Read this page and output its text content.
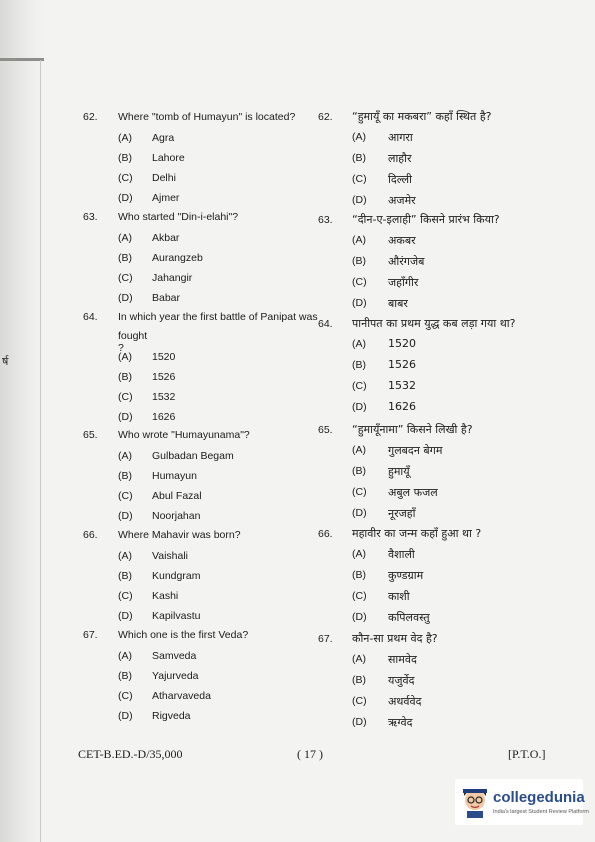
र्ष
62. Where "tomb of Humayun" is located?
(A) Agra
(B) Lahore
(C) Delhi
(D) Ajmer
63. Who started "Din-i-elahi"?
(A) Akbar
(B) Aurangzeb
(C) Jahangir
(D) Babar
64. In which year the first battle of Panipat was
fought ?
(A) 1520
(B) 1526
(C) 1532
(D) 1626
65. Who wrote "Humayunama"?
(A) Gulbadan Begam
(B) Humayun
(C) Abul Fazal
(D) Noorjahan
66. Where Mahavir was born?
(A) Vaishali
(B) Kundgram
(C) Kashi
(D) Kapilvastu
67. Which one is the first Veda?
(A) Samveda
(B) Yajurveda
(C) Atharvaveda
(D) Rigveda
62. “हुमायूँ का मकबरा” कहाँ स्थित है?
(A) आगरा
(B) लाहौर
(C) दिल्ली
(D) अजमेर
63. “दीन-ए-इलाही” किसने प्रारंभ किया?
(A) अकबर
(B) औरंगजेब
(C) जहाँगीर
(D) बाबर
64. पानीपत का प्रथम युद्ध कब लड़ा गया था?
(A) 1520
(B) 1526
(C) 1532
(D) 1626
65. “हुमायूँनामा” किसने लिखी है?
(A) गुलबदन बेगम
(B) हुमायूँ
(C) अबुल फजल
(D) नूरजहाँ
66. महावीर का जन्म कहाँ हुआ था ?
(A) वैशाली
(B) कुण्डग्राम
(C) काशी
(D) कपिलवस्तु
67. कौन-सा प्रथम वेद है?
(A) सामवेद
(B) यजुर्वेद
(C) अथर्ववेद
(D) ऋग्वेद
CET-B.ED.-D/35,000	( 17 )	[P.T.O.]
collegedunia
India's largest Student Review Platform
